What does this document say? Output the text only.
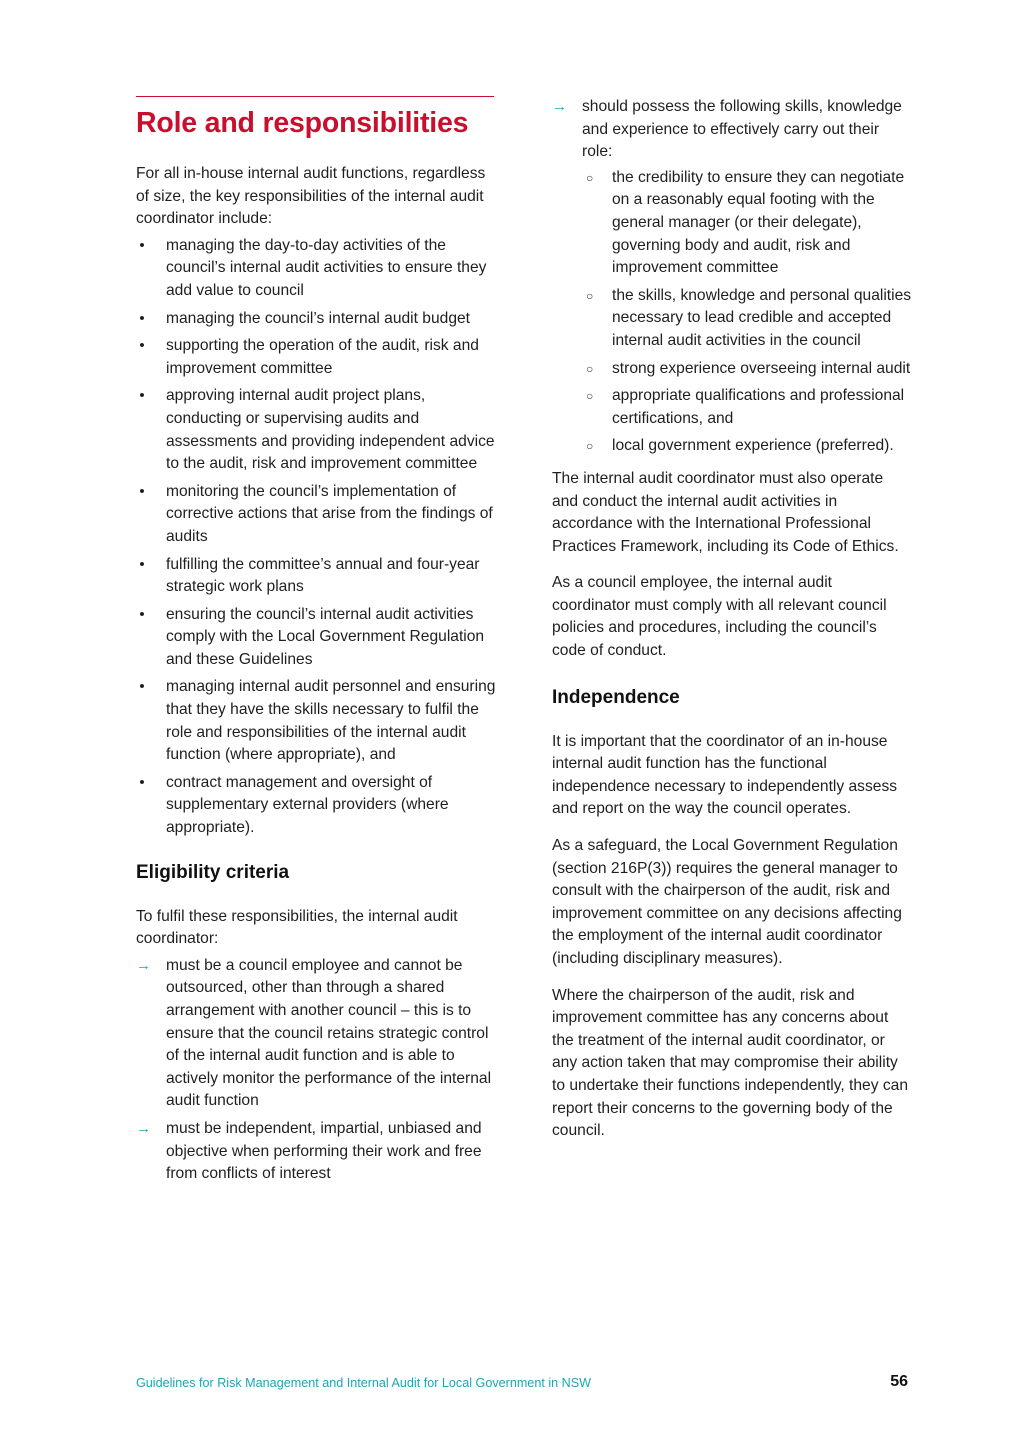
Role and responsibilities

For all in-house internal audit functions, regardless of size, the key responsibilities of the internal audit coordinator include:

• managing the day-to-day activities of the council’s internal audit activities to ensure they add value to council
• managing the council’s internal audit budget
• supporting the operation of the audit, risk and improvement committee
• approving internal audit project plans, conducting or supervising audits and assessments and providing independent advice to the audit, risk and improvement committee
• monitoring the council’s implementation of corrective actions that arise from the findings of audits
• fulfilling the committee’s annual and four-year strategic work plans
• ensuring the council’s internal audit activities comply with the Local Government Regulation and these Guidelines
• managing internal audit personnel and ensuring that they have the skills necessary to fulfil the role and responsibilities of the internal audit function (where appropriate), and
• contract management and oversight of supplementary external providers (where appropriate).
Eligibility criteria

To fulfil these responsibilities, the internal audit coordinator:

→ must be a council employee and cannot be outsourced, other than through a shared arrangement with another council – this is to ensure that the council retains strategic control of the internal audit function and is able to actively monitor the performance of the internal audit function
→ must be independent, impartial, unbiased and objective when performing their work and free from conflicts of interest
→ should possess the following skills, knowledge and experience to effectively carry out their role:
○	the credibility to ensure they can negotiate on a reasonably equal footing with the general manager (or their delegate), governing body and audit, risk and improvement committee
○	the skills, knowledge and personal qualities necessary to lead credible and accepted internal audit activities in the council
○	strong experience overseeing internal audit
○	appropriate qualifications and professional certifications, and
○	local government experience (preferred).

The internal audit coordinator must also operate and conduct the internal audit activities in accordance with the International Professional Practices Framework, including its Code of Ethics.

As a council employee, the internal audit coordinator must comply with all relevant council policies and procedures, including the council’s code of conduct.

Independence

It is important that the coordinator of an in-house internal audit function has the functional independence necessary to independently assess and report on the way the council operates.

As a safeguard, the Local Government Regulation (section 216P(3)) requires the general manager to consult with the chairperson of the audit, risk and improvement committee on any decisions affecting the employment of the internal audit coordinator (including disciplinary measures).

Where the chairperson of the audit, risk and improvement committee has any concerns about the treatment of the internal audit coordinator, or any action taken that may compromise their ability to undertake their functions independently, they can report their concerns to the governing body of the council.

Guidelines for Risk Management and Internal Audit for Local Government in NSW	56
